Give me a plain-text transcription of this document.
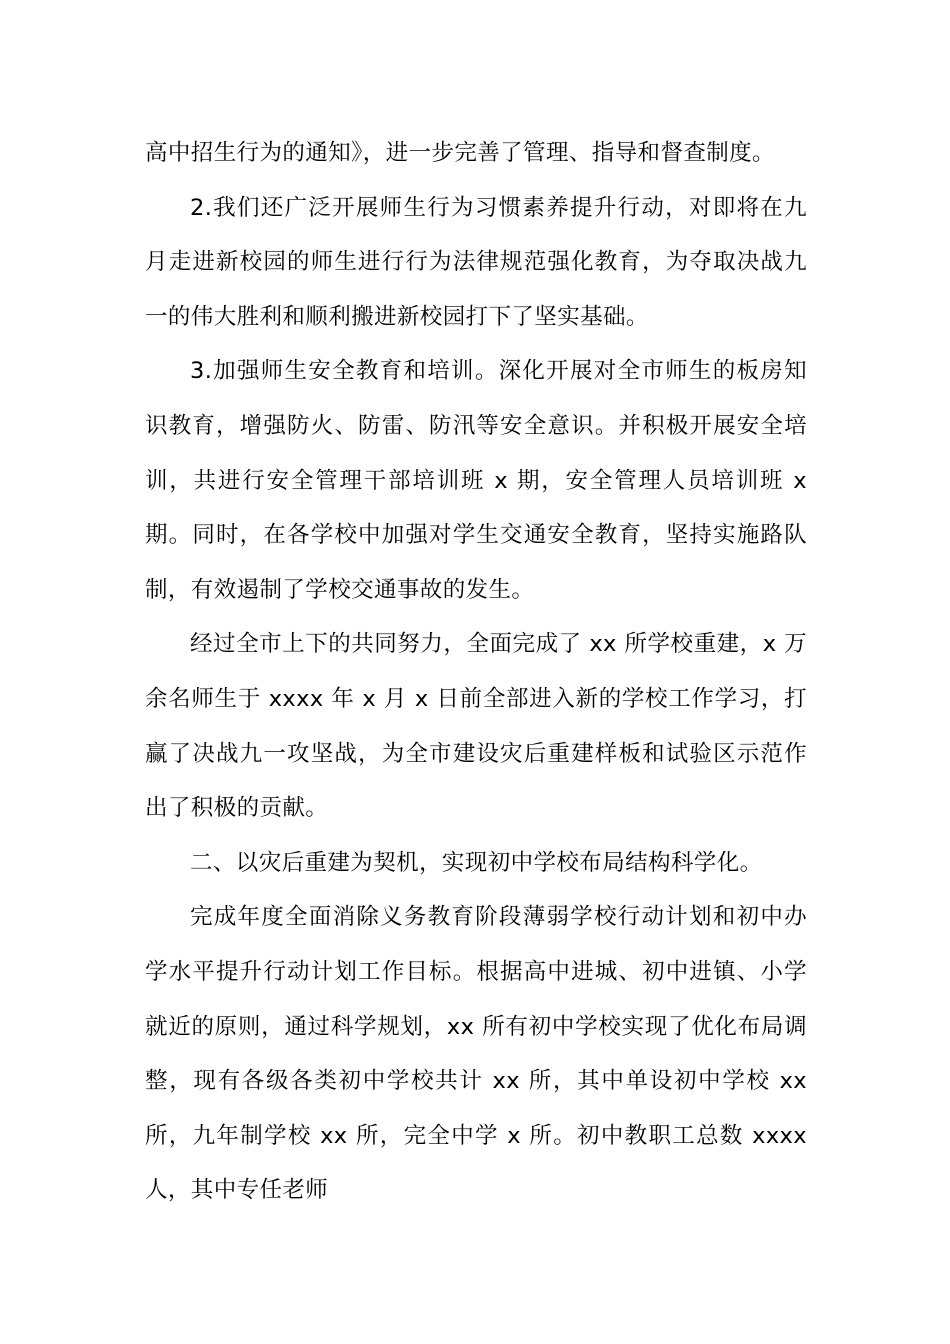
高中招生行为的通知》，进一步完善了管理、指导和督查制度。

2.我们还广泛开展师生行为习惯素养提升行动，对即将在九月走进新校园的师生进行行为法律规范强化教育，为夺取决战九一的伟大胜利和顺利搬进新校园打下了坚实基础。

3.加强师生安全教育和培训。深化开展对全市师生的板房知识教育，增强防火、防雷、防汛等安全意识。并积极开展安全培训，共进行安全管理干部培训班 x 期，安全管理人员培训班 x 期。同时，在各学校中加强对学生交通安全教育，坚持实施路队制，有效遏制了学校交通事故的发生。

经过全市上下的共同努力，全面完成了 xx 所学校重建，x 万余名师生于 xxxx 年 x 月 x 日前全部进入新的学校工作学习，打赢了决战九一攻坚战，为全市建设灾后重建样板和试验区示范作出了积极的贡献。

二、以灾后重建为契机，实现初中学校布局结构科学化。

完成年度全面消除义务教育阶段薄弱学校行动计划和初中办学水平提升行动计划工作目标。根据高中进城、初中进镇、小学就近的原则，通过科学规划，xx 所有初中学校实现了优化布局调整，现有各级各类初中学校共计 xx 所，其中单设初中学校 xx 所，九年制学校 xx 所，完全中学 x 所。初中教职工总数 xxxx 人，其中专任老师
